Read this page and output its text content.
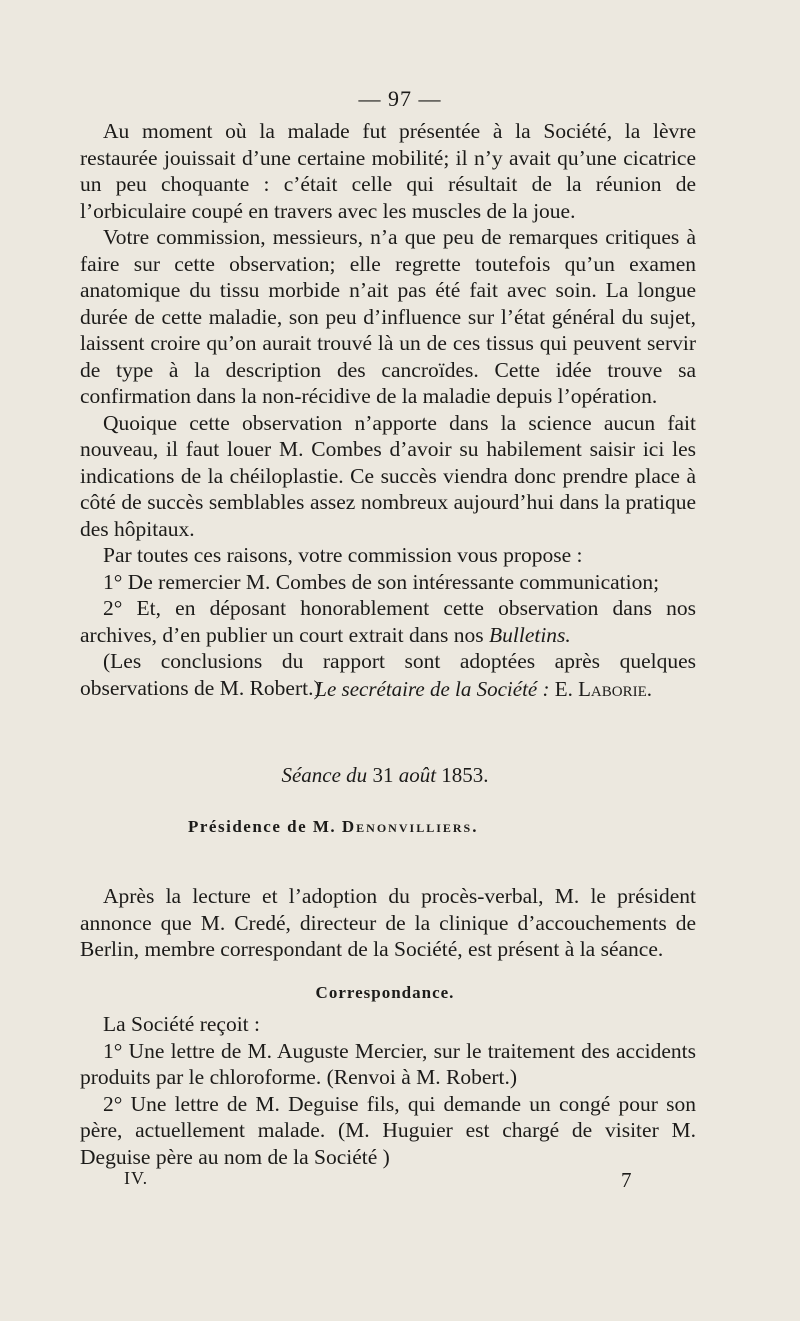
— 97 —

Au moment où la malade fut présentée à la Société, la lèvre restaurée jouissait d’une certaine mobilité; il n’y avait qu’une cicatrice un peu choquante : c’était celle qui résultait de la réunion de l’orbiculaire coupé en travers avec les muscles de la joue.

Votre commission, messieurs, n’a que peu de remarques critiques à faire sur cette observation; elle regrette toutefois qu’un examen anatomique du tissu morbide n’ait pas été fait avec soin. La longue durée de cette maladie, son peu d’influence sur l’état général du sujet, laissent croire qu’on aurait trouvé là un de ces tissus qui peuvent servir de type à la description des cancroïdes. Cette idée trouve sa confirmation dans la non-récidive de la maladie depuis l’opération.

Quoique cette observation n’apporte dans la science aucun fait nouveau, il faut louer M. Combes d’avoir su habilement saisir ici les indications de la chéiloplastie. Ce succès viendra donc prendre place à côté de succès semblables assez nombreux aujourd’hui dans la pratique des hôpitaux.

Par toutes ces raisons, votre commission vous propose :

1° De remercier M. Combes de son intéressante communication;

2° Et, en déposant honorablement cette observation dans nos archives, d’en publier un court extrait dans nos Bulletins.

(Les conclusions du rapport sont adoptées après quelques observations de M. Robert.)

Le secrétaire de la Société : E. Laborie.
Séance du 31 août 1853.
Présidence de M. Denonvilliers.

Après la lecture et l’adoption du procès-verbal, M. le président annonce que M. Credé, directeur de la clinique d’accouchements de Berlin, membre correspondant de la Société, est présent à la séance.

Correspondance.

La Société reçoit :

1° Une lettre de M. Auguste Mercier, sur le traitement des accidents produits par le chloroforme. (Renvoi à M. Robert.)

2° Une lettre de M. Deguise fils, qui demande un congé pour son père, actuellement malade. (M. Huguier est chargé de visiter M. Deguise père au nom de la Société )

IV.	7
